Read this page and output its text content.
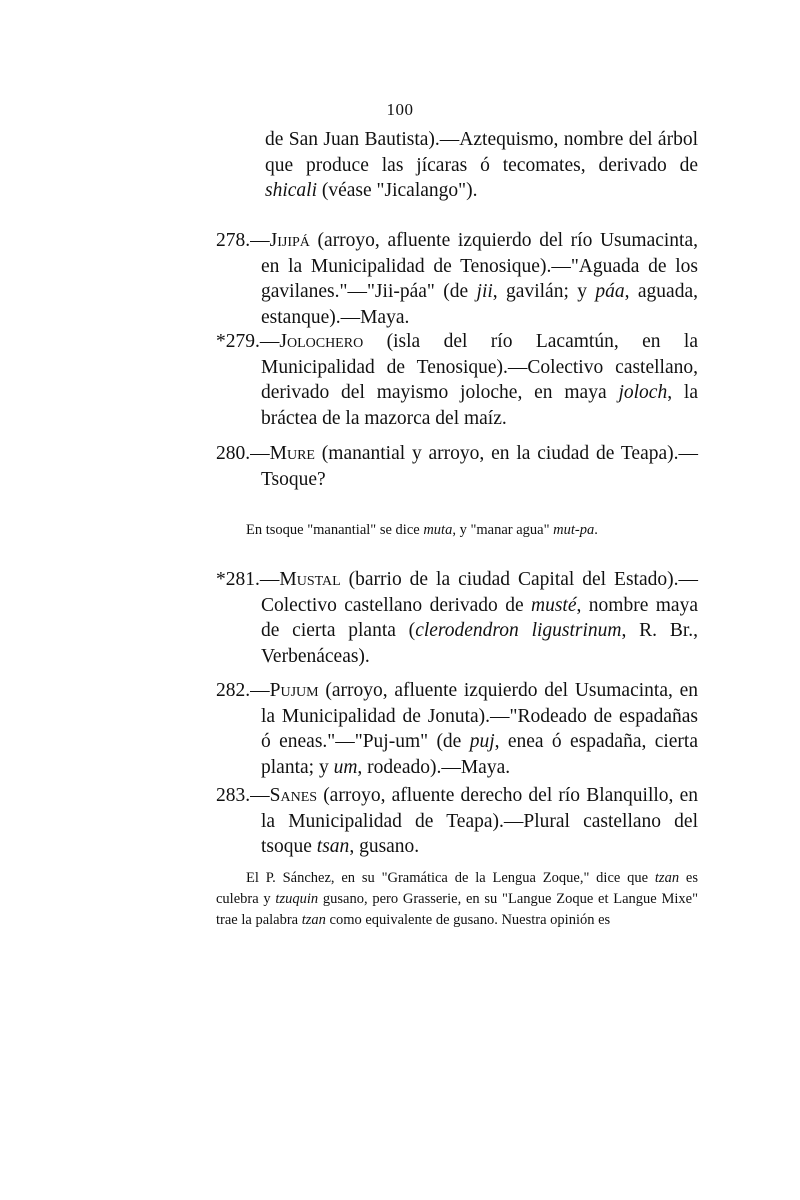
100

de San Juan Bautista).—Aztequismo, nombre del árbol que produce las jícaras ó tecomates, derivado de shicali (véase "Jicalango").

278.—Jijipá (arroyo, afluente izquierdo del río Usumacinta, en la Municipalidad de Tenosique).—"Aguada de los gavilanes."—"Jii-páa" (de jii, gavilán; y páa, aguada, estanque).—Maya.

*279.—Jolochero (isla del río Lacamtún, en la Municipalidad de Tenosique).—Colectivo castellano, derivado del mayismo joloche, en maya joloch, la bráctea de la mazorca del maíz.

280.—Mure (manantial y arroyo, en la ciudad de Teapa).—Tsoque?

En tsoque "manantial" se dice muta, y "manar agua" mut-pa.

*281.—Mustal (barrio de la ciudad Capital del Estado).—Colectivo castellano derivado de musté, nombre maya de cierta planta (clerodendron ligustrinum, R. Br., Verbenáceas).

282.—Pujum (arroyo, afluente izquierdo del Usumacinta, en la Municipalidad de Jonuta).—"Rodeado de espadañas ó eneas."—"Puj-um" (de puj, enea ó espadaña, cierta planta; y um, rodeado).—Maya.

283.—Sanes (arroyo, afluente derecho del río Blanquillo, en la Municipalidad de Teapa).—Plural castellano del tsoque tsan, gusano.

El P. Sánchez, en su "Gramática de la Lengua Zoque," dice que tzan es culebra y tzuquin gusano, pero Grasserie, en su "Langue Zoque et Langue Mixe" trae la palabra tzan como equivalente de gusano. Nuestra opinión es
